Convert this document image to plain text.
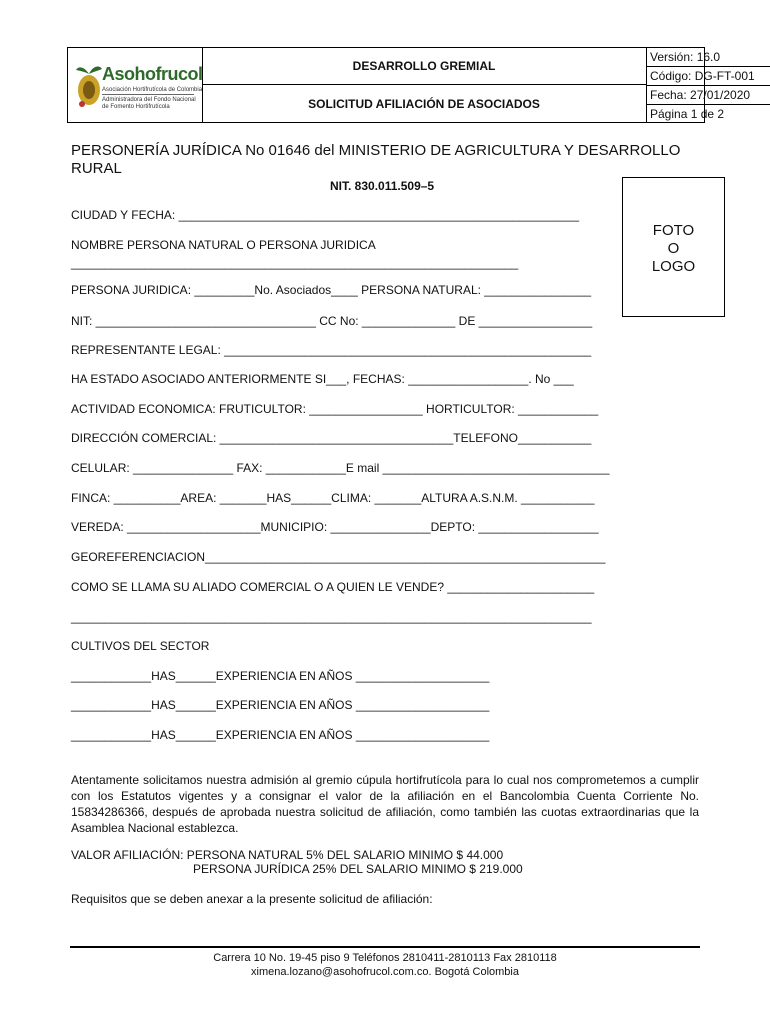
Asohofrucol
Asociación Hortifrutícola de Colombia
Administradora del Fondo Nacional
de Fomento Hortifrutícola
DESARROLLO GREMIAL
SOLICITUD AFILIACIÓN DE ASOCIADOS
Versión: 16.0
Código: DG-FT-001
Fecha: 27/01/2020
Página 1 de 2
PERSONERÍA JURÍDICA No 01646 del MINISTERIO DE AGRICULTURA Y DESARROLLO RURAL
NIT. 830.011.509–5
FOTO
O
LOGO
CIUDAD Y FECHA: ____________________________________________________________
NOMBRE PERSONA NATURAL O PERSONA JURIDICA
___________________________________________________________________
PERSONA JURIDICA: _________No. Asociados____ PERSONA NATURAL: ________________
NIT: _________________________________ CC No: ______________ DE _________________
REPRESENTANTE LEGAL: _______________________________________________________
HA ESTADO ASOCIADO ANTERIORMENTE SI___, FECHAS: __________________. No ___
ACTIVIDAD ECONOMICA: FRUTICULTOR: _________________ HORTICULTOR: ____________
DIRECCIÓN COMERCIAL: ___________________________________TELEFONO___________
CELULAR: _______________ FAX: ____________E mail __________________________________
FINCA: __________AREA: _______HAS______CLIMA: _______ALTURA A.S.N.M. ___________
VEREDA: ____________________MUNICIPIO: _______________DEPTO: __________________
GEOREFERENCIACION____________________________________________________________
COMO SE LLAMA SU ALIADO COMERCIAL O A QUIEN LE VENDE? ______________________
______________________________________________________________________________
CULTIVOS DEL SECTOR
____________HAS______EXPERIENCIA EN AÑOS ____________________
____________HAS______EXPERIENCIA EN AÑOS ____________________
____________HAS______EXPERIENCIA EN AÑOS ____________________
Atentamente solicitamos nuestra admisión al gremio cúpula hortifrutícola para lo cual nos comprometemos a cumplir con los Estatutos vigentes y a consignar el valor de la afiliación en el Bancolombia Cuenta Corriente No. 15834286366, después de aprobada nuestra solicitud de afiliación, como también las cuotas extraordinarias que la Asamblea Nacional establezca.
VALOR AFILIACIÓN: PERSONA NATURAL 5% DEL SALARIO MINIMO $ 44.000
PERSONA JURÍDICA 25% DEL SALARIO MINIMO $ 219.000
Requisitos que se deben anexar a la presente solicitud de afiliación:
Carrera 10 No. 19-45 piso 9 Teléfonos 2810411-2810113 Fax 2810118
ximena.lozano@asohofrucol.com.co. Bogotá Colombia
